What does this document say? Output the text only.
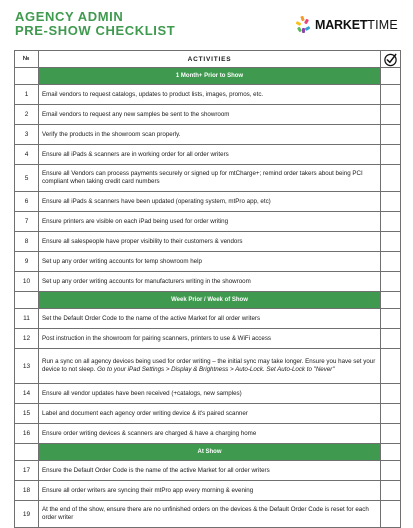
AGENCY ADMIN
PRE-SHOW CHECKLIST	MARKETTIME
№	ACTIVITIES	

	1 Month+ Prior to Show	
1	Email vendors to request catalogs, updates to product lists, images, promos, etc.	
2	Email vendors to request any new samples be sent to the showroom	
3	Verify the products in the showroom scan properly.	
4	Ensure all iPads & scanners are in working order for all order writers	
5	Ensure all Vendors can process payments securely or signed up for mtCharge+; remind order takers about being PCI compliant when taking credit card numbers	
6	Ensure all iPads & scanners have been updated (operating system, mtPro app, etc)	
7	Ensure printers are visible on each iPad being used for order writing	
8	Ensure all salespeople have proper visibility to their customers & vendors	
9	Set up any order writing accounts for temp showroom help	
10	Set up any order writing accounts for manufacturers writing in the showroom	
	Week Prior / Week of Show	
11	Set the Default Order Code to the name of the active Market for all order writers	
12	Post instruction in the showroom for pairing scanners, printers to use & WiFi access	
13	Run a sync on all agency devices being used for order writing – the initial sync may take longer. Ensure you have set your device to not sleep. Go to your iPad Settings > Display & Brightness > Auto-Lock. Set Auto-Lock to "Never"	
14	Ensure all vendor updates have been received (+catalogs, new samples)	
15	Label and document each agency order writing device & it's paired scanner	
16	Ensure order writing devices & scanners are charged & have a charging home	
	At Show	
17	Ensure the Default Order Code is the name of the active Market for all order writers	
18	Ensure all order writers are syncing their mtPro app every morning & evening	
19	At the end of the show, ensure there are no unfinished orders on the devices & the Default Order Code is reset for each order writer	
